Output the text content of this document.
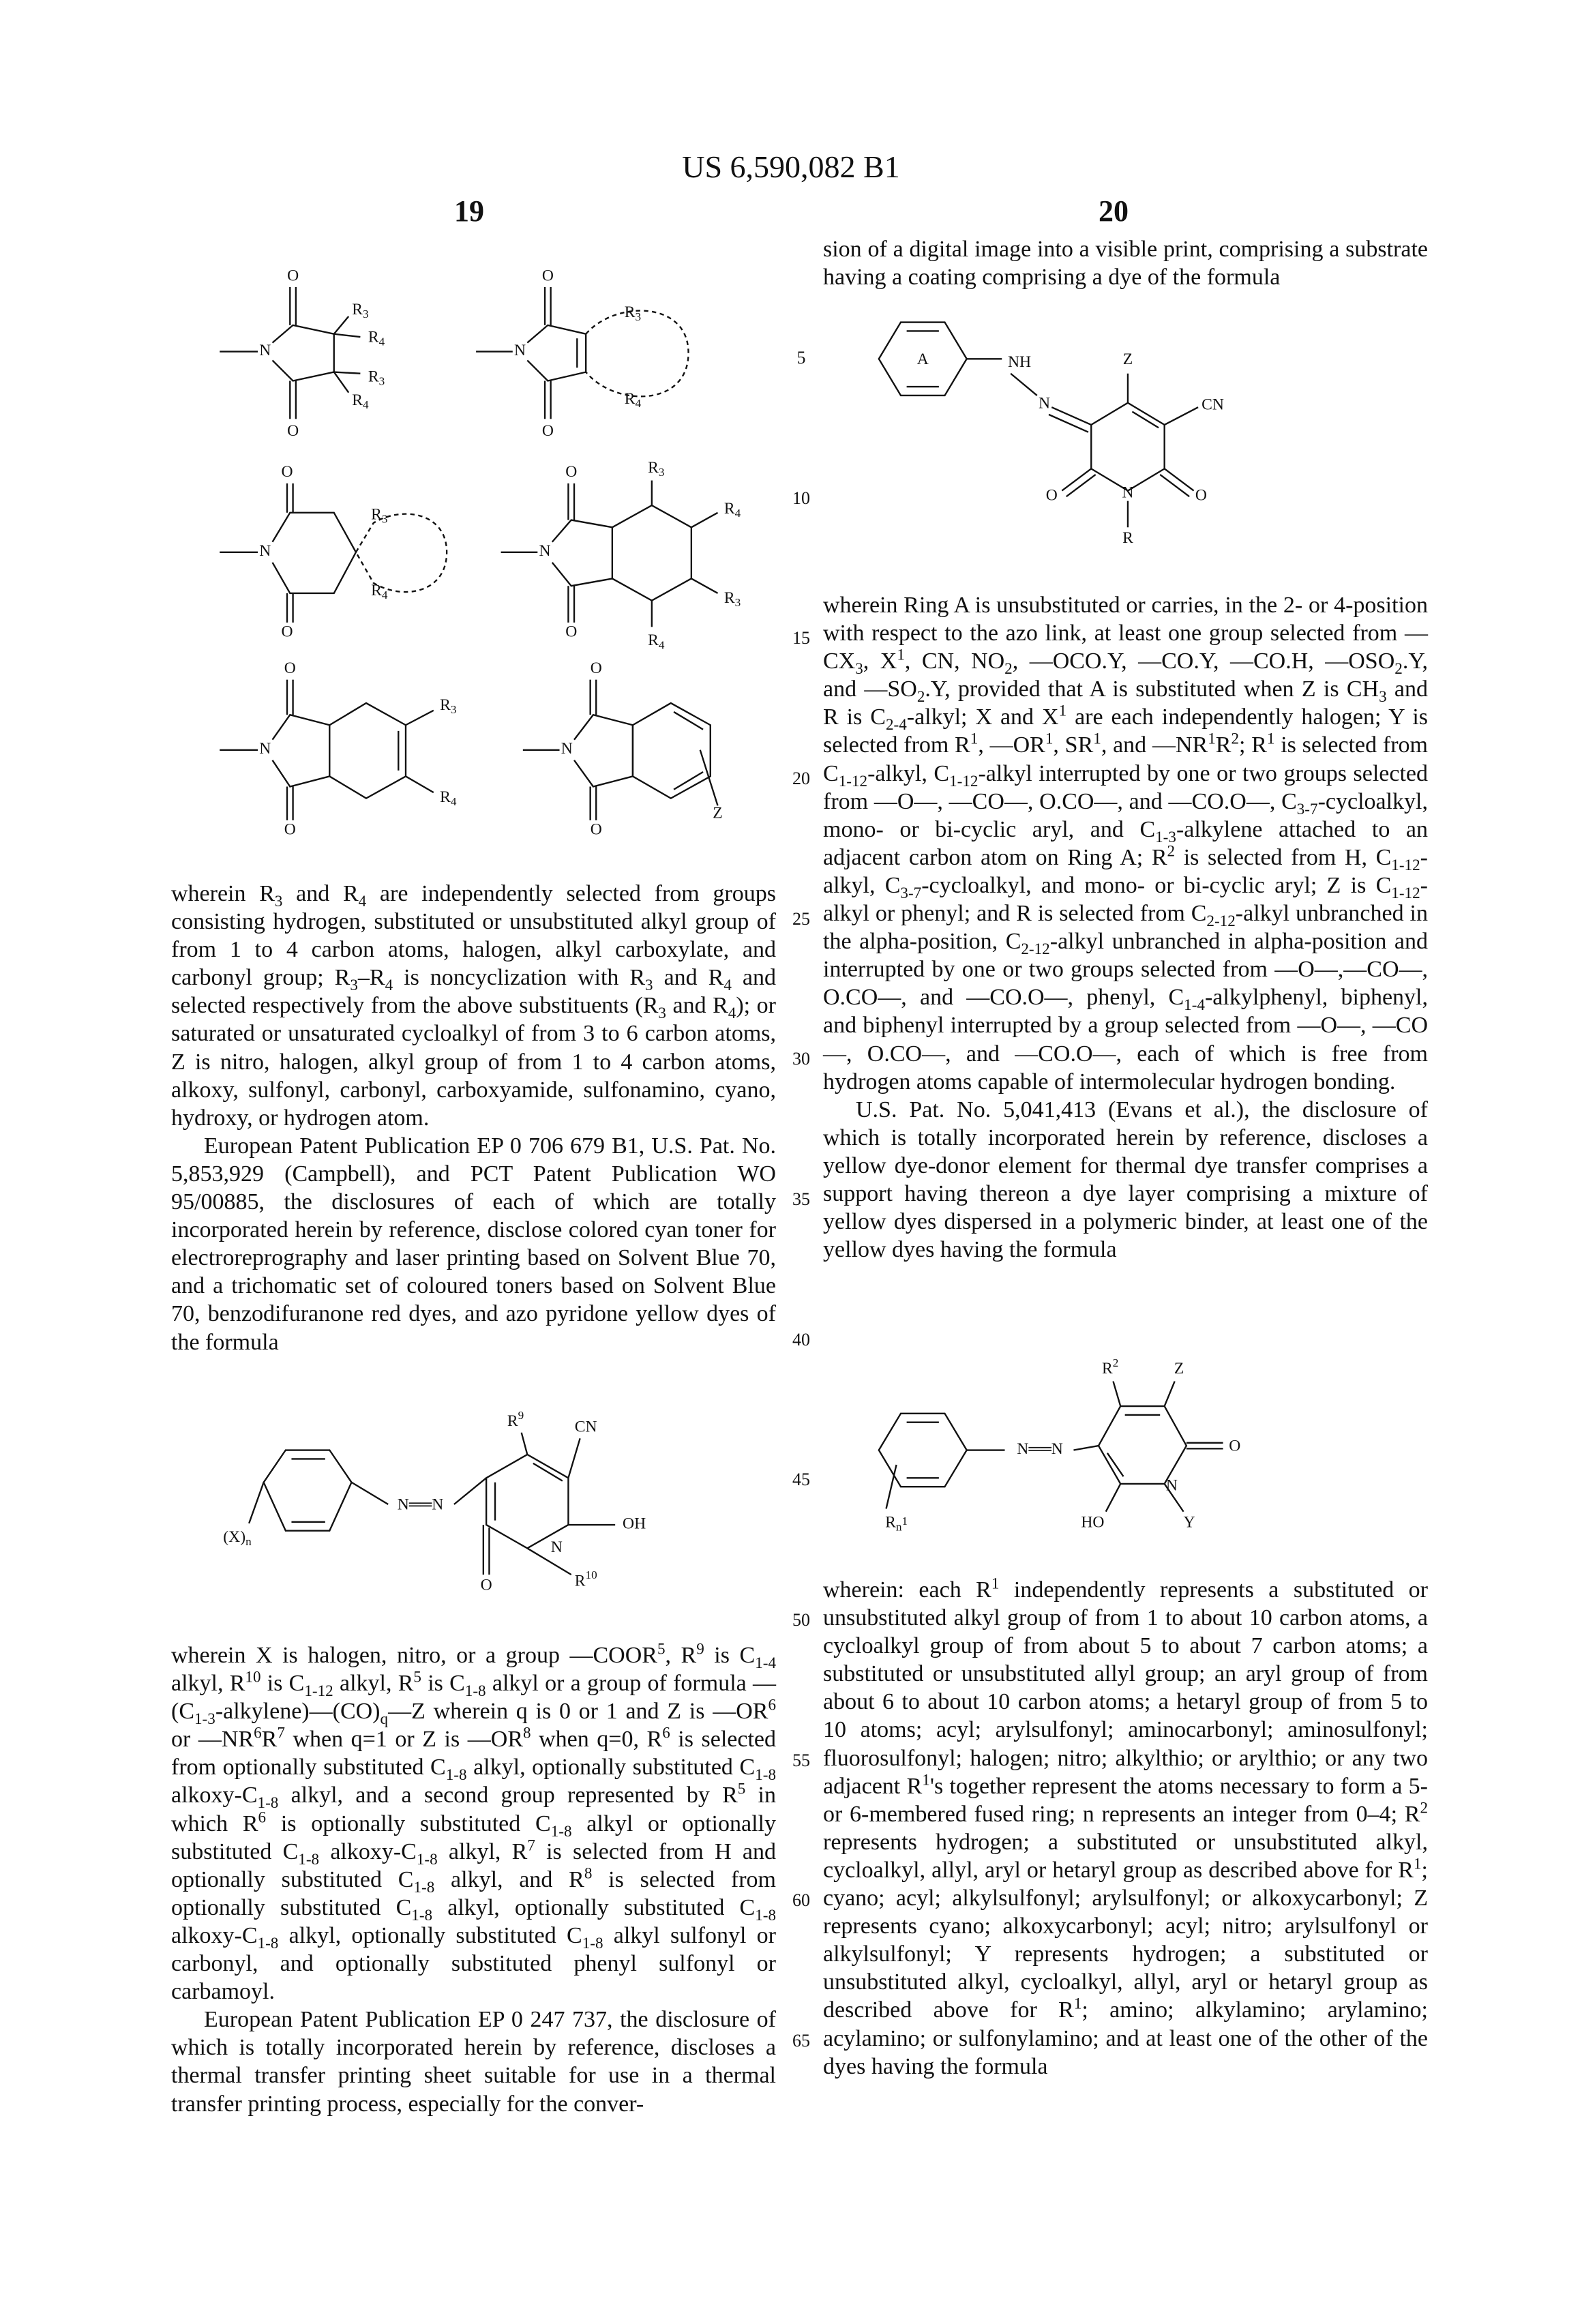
US 6,590,082 B1
19	20

wherein R3 and R4 are independently selected from groups consisting hydrogen, substituted or unsubstituted alkyl group of from 1 to 4 carbon atoms, halogen, alkyl carboxylate, and carbonyl group; R3–R4 is noncyclization with R3 and R4 and selected respectively from the above substituents (R3 and R4); or saturated or unsaturated cycloalkyl of from 3 to 6 carbon atoms, Z is nitro, halogen, alkyl group of from 1 to 4 carbon atoms, alkoxy, sulfonyl, carbonyl, carboxyamide, sulfonamino, cyano, hydroxy, or hydrogen atom.

European Patent Publication EP 0 706 679 B1, U.S. Pat. No. 5,853,929 (Campbell), and PCT Patent Publication WO 95/00885, the disclosures of each of which are totally incorporated herein by reference, disclose colored cyan toner for electroreprography and laser printing based on Solvent Blue 70, and a trichomatic set of coloured toners based on Solvent Blue 70, benzodifuranone red dyes, and azo pyridone yellow dyes of the formula

wherein X is halogen, nitro, or a group —COOR5, R9 is C1-4 alkyl, R10 is C1-12 alkyl, R5 is C1-8 alkyl or a group of formula —(C1-3-alkylene)—(CO)q—Z wherein q is 0 or 1 and Z is —OR6 or —NR6R7 when q=1 or Z is —OR8 when q=0, R6 is selected from optionally substituted C1-8 alkyl, optionally substituted C1-8 alkoxy-C1-8 alkyl, and a second group represented by R5 in which R6 is optionally substituted C1-8 alkyl or optionally substituted C1-8 alkoxy-C1-8 alkyl, R7 is selected from H and optionally substituted C1-8 alkyl, and R8 is selected from optionally substituted C1-8 alkyl, optionally substituted C1-8 alkoxy-C1-8 alkyl, optionally substituted C1-8 alkyl sulfonyl or carbonyl, and optionally substituted phenyl sulfonyl or carbamoyl.

European Patent Publication EP 0 247 737, the disclosure of which is totally incorporated herein by reference, discloses a thermal transfer printing sheet suitable for use in a thermal transfer printing process, especially for the conver-

sion of a digital image into a visible print, comprising a substrate having a coating comprising a dye of the formula

wherein Ring A is unsubstituted or carries, in the 2- or 4-position with respect to the azo link, at least one group selected from —CX3, X1, CN, NO2, —OCO.Y, —CO.Y, —CO.H, —OSO2.Y, and —SO2.Y, provided that A is substituted when Z is CH3 and R is C2-4-alkyl; X and X1 are each independently halogen; Y is selected from R1, —OR1, SR1, and —NR1R2; R1 is selected from C1-12-alkyl, C1-12-alkyl interrupted by one or two groups selected from —O—, —CO—, O.CO—, and —CO.O—, C3-7-cycloalkyl, mono- or bi-cyclic aryl, and C1-3-alkylene attached to an adjacent carbon atom on Ring A; R2 is selected from H, C1-12-alkyl, C3-7-cycloalkyl, and mono- or bi-cyclic aryl; Z is C1-12-alkyl or phenyl; and R is selected from C2-12-alkyl unbranched in the alpha-position, C2-12-alkyl unbranched in alpha-position and interrupted by one or two groups selected from —O—,—CO—, O.CO—, and —CO.O—, phenyl, C1-4-alkylphenyl, biphenyl, and biphenyl interrupted by a group selected from —O—, —CO—, O.CO—, and —CO.O—, each of which is free from hydrogen atoms capable of intermolecular hydrogen bonding.

U.S. Pat. No. 5,041,413 (Evans et al.), the disclosure of which is totally incorporated herein by reference, discloses a yellow dye-donor element for thermal dye transfer comprises a support having thereon a dye layer comprising a mixture of yellow dyes dispersed in a polymeric binder, at least one of the yellow dyes having the formula

wherein: each R1 independently represents a substituted or unsubstituted alkyl group of from 1 to about 10 carbon atoms, a cycloalkyl group of from about 5 to about 7 carbon atoms; a substituted or unsubstituted allyl group; an aryl group of from about 6 to about 10 carbon atoms; a hetaryl group of from 5 to 10 atoms; acyl; arylsulfonyl; aminocarbonyl; aminosulfonyl; fluorosulfonyl; halogen; nitro; alkylthio; or arylthio; or any two adjacent R1's together represent the atoms necessary to form a 5- or 6-membered fused ring; n represents an integer from 0–4; R2 represents hydrogen; a substituted or unsubstituted alkyl, cycloalkyl, allyl, aryl or hetaryl group as described above for R1; cyano; acyl; alkylsulfonyl; arylsulfonyl; or alkoxycarbonyl; Z represents cyano; alkoxycarbonyl; acyl; nitro; arylsulfonyl or alkylsulfonyl; Y represents hydrogen; a substituted or unsubstituted alkyl, cycloalkyl, allyl, aryl or hetaryl group as described above for R1; amino; alkylamino; arylamino; acylamino; or sulfonylamino; and at least one of the other of the dyes having the formula

5
10
15
20
25
30
35
40
45
50
55
60
65
N
O
O
R3
R4
R3
R4
N
O
O
R3
R4
N
O
O
R3
R4
N
O
O
R3
R4
R3
R4
N
O
O
R3
R4
N
O
O
Z
(X)n
N══N
R9
CN
OH
N
R10
O
A	NH
N
Z
CN
O
O	N
R
Rn1
N══N
R2	Z
O
N
Y
HO
